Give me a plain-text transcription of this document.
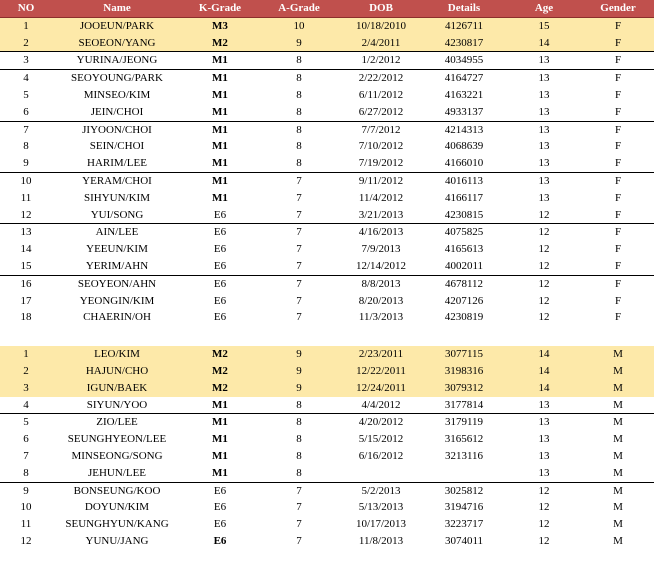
NO	Name	K-Grade	A-Grade	DOB	Details	Age	Gender
1	JOOEUN/PARK	M3	10	10/18/2010	4126711	15	F
2	SEOEON/YANG	M2	9	2/4/2011	4230817	14	F
3	YURINA/JEONG	M1	8	1/2/2012	4034955	13	F
4	SEOYOUNG/PARK	M1	8	2/22/2012	4164727	13	F
5	MINSEO/KIM	M1	8	6/11/2012	4163221	13	F
6	JEIN/CHOI	M1	8	6/27/2012	4933137	13	F
7	JIYOON/CHOI	M1	8	7/7/2012	4214313	13	F
8	SEIN/CHOI	M1	8	7/10/2012	4068639	13	F
9	HARIM/LEE	M1	8	7/19/2012	4166010	13	F
10	YERAM/CHOI	M1	7	9/11/2012	4016113	13	F
11	SIHYUN/KIM	M1	7	11/4/2012	4166117	13	F
12	YUI/SONG	E6	7	3/21/2013	4230815	12	F
13	AIN/LEE	E6	7	4/16/2013	4075825	12	F
14	YEEUN/KIM	E6	7	7/9/2013	4165613	12	F
15	YERIM/AHN	E6	7	12/14/2012	4002011	12	F
16	SEOYEON/AHN	E6	7	8/8/2013	4678112	12	F
17	YEONGIN/KIM	E6	7	8/20/2013	4207126	12	F
18	CHAERIN/OH	E6	7	11/3/2013	4230819	12	F

1	LEO/KIM	M2	9	2/23/2011	3077115	14	M
2	HAJUN/CHO	M2	9	12/22/2011	3198316	14	M
3	IGUN/BAEK	M2	9	12/24/2011	3079312	14	M
4	SIYUN/YOO	M1	8	4/4/2012	3177814	13	M
5	ZIO/LEE	M1	8	4/20/2012	3179119	13	M
6	SEUNGHYEON/LEE	M1	8	5/15/2012	3165612	13	M
7	MINSEONG/SONG	M1	8	6/16/2012	3213116	13	M
8	JEHUN/LEE	M1	8			13	M
9	BONSEUNG/KOO	E6	7	5/2/2013	3025812	12	M
10	DOYUN/KIM	E6	7	5/13/2013	3194716	12	M
11	SEUNGHYUN/KANG	E6	7	10/17/2013	3223717	12	M
12	YUNU/JANG	E6	7	11/8/2013	3074011	12	M
